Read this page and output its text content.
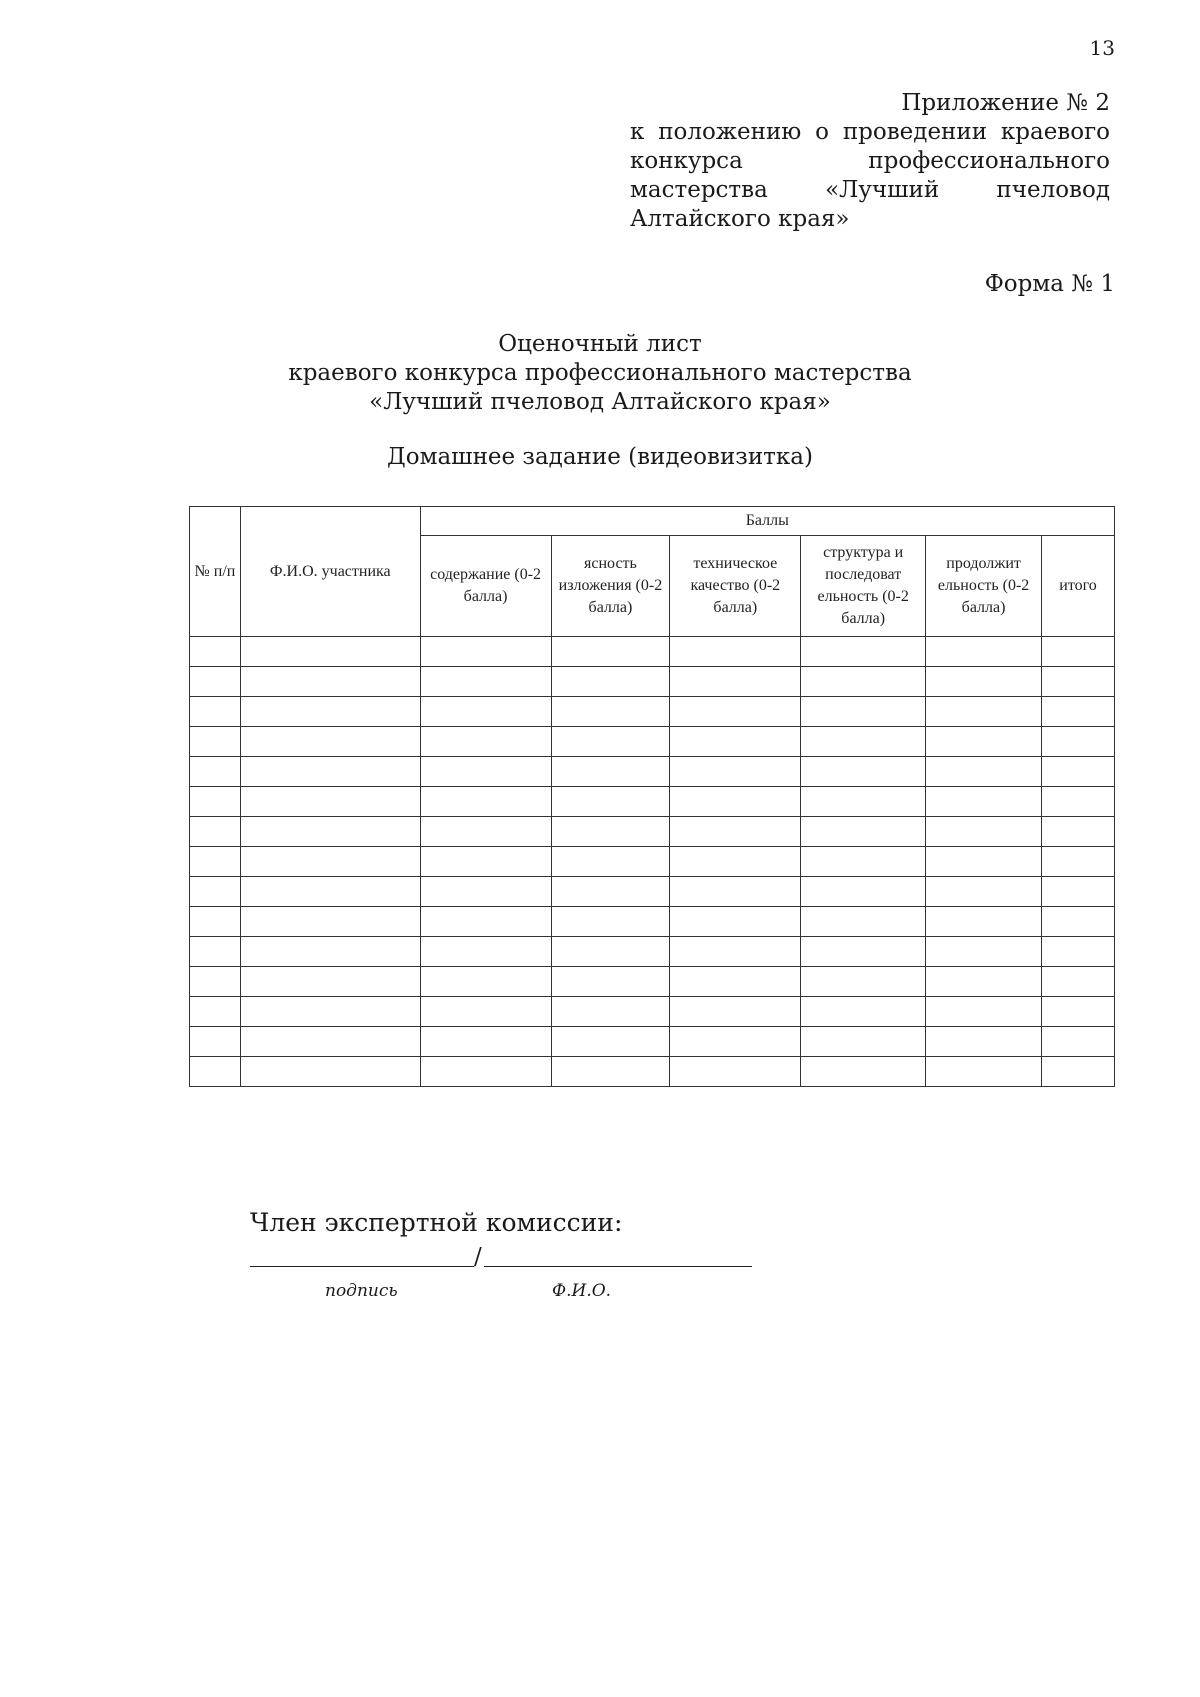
13
Приложение № 2
к положению о проведении краевого
конкурса профессионального
мастерства «Лучший пчеловод
Алтайского края»
Форма № 1
Оценочный лист
краевого конкурса профессионального мастерства
«Лучший пчеловод Алтайского края»
Домашнее задание (видеовизитка)
№ п/п	Ф.И.О. участника	Баллы					
		содержание (0-2 балла)	ясность изложения (0-2 балла)	техническое качество (0-2 балла)	структура и последоват ельность (0-2 балла)	продолжит ельность (0-2 балла)	итого

Член экспертной комиссии:
/
подпись	Ф.И.О.
